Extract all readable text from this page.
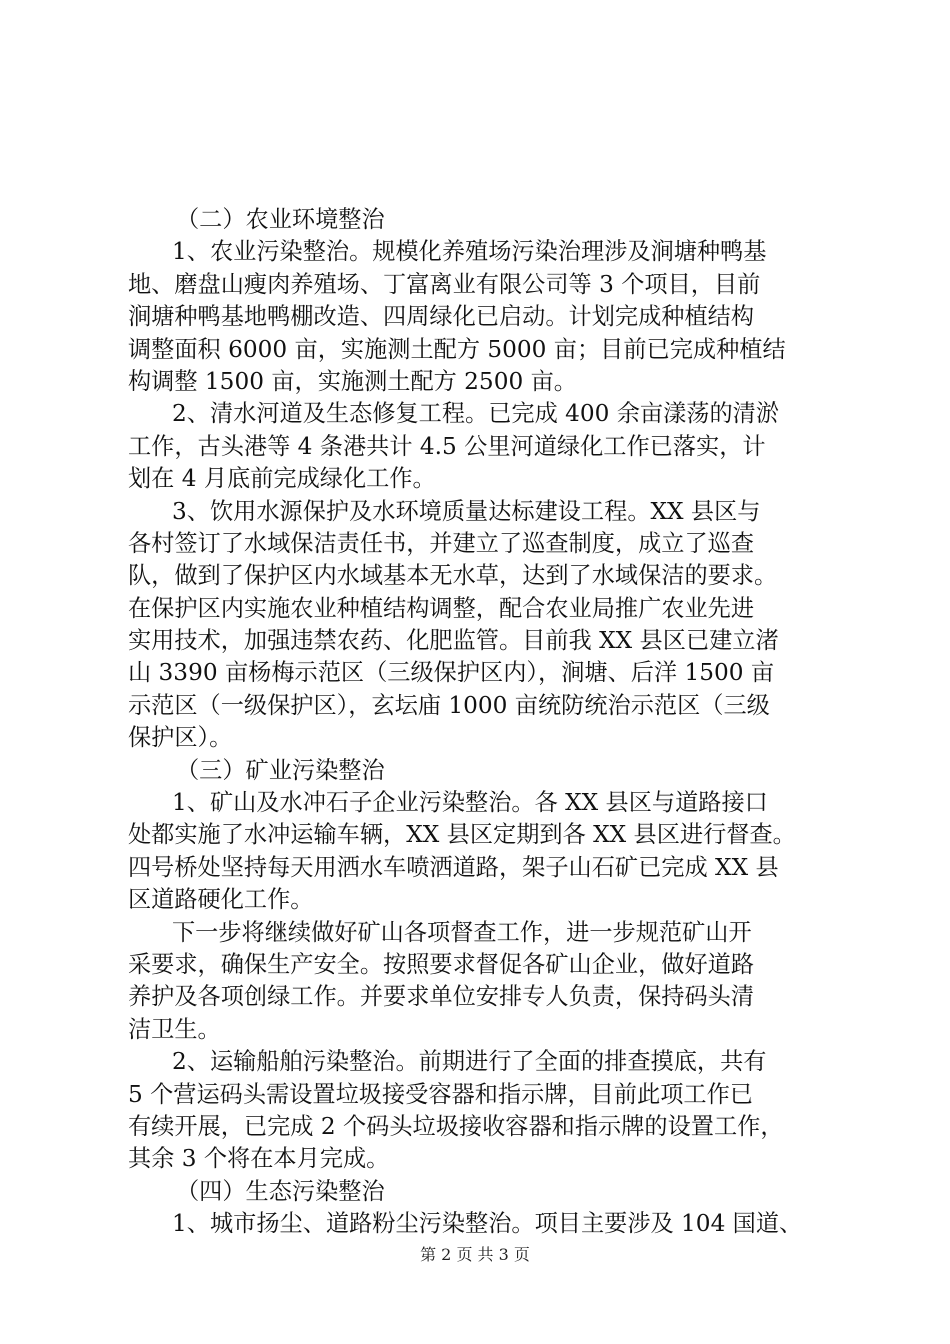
（二）农业环境整治
1、农业污染整治。规模化养殖场污染治理涉及涧塘种鸭基
地、磨盘山瘦肉养殖场、丁富离业有限公司等 3 个项目，目前
涧塘种鸭基地鸭棚改造、四周绿化已启动。计划完成种植结构
调整面积 6000 亩，实施测土配方 5000 亩；目前已完成种植结
构调整 1500 亩，实施测土配方 2500 亩。
2、清水河道及生态修复工程。已完成 400 余亩漾荡的清淤
工作，古头港等 4 条港共计 4.5 公里河道绿化工作已落实，计
划在 4 月底前完成绿化工作。
3、饮用水源保护及水环境质量达标建设工程。XX 县区与
各村签订了水域保洁责任书，并建立了巡查制度，成立了巡查
队，做到了保护区内水域基本无水草，达到了水域保洁的要求。
在保护区内实施农业种植结构调整，配合农业局推广农业先进
实用技术，加强违禁农药、化肥监管。目前我 XX 县区已建立渚
山 3390 亩杨梅示范区（三级保护区内），涧塘、后洋 1500 亩
示范区（一级保护区），玄坛庙 1000 亩统防统治示范区（三级
保护区）。
（三）矿业污染整治
1、矿山及水冲石子企业污染整治。各 XX 县区与道路接口
处都实施了水冲运输车辆，XX 县区定期到各 XX 县区进行督查。
四号桥处坚持每天用洒水车喷洒道路，架子山石矿已完成 XX 县
区道路硬化工作。
下一步将继续做好矿山各项督查工作，进一步规范矿山开
采要求，确保生产安全。按照要求督促各矿山企业，做好道路
养护及各项创绿工作。并要求单位安排专人负责，保持码头清
洁卫生。
2、运输船舶污染整治。前期进行了全面的排查摸底，共有
5 个营运码头需设置垃圾接受容器和指示牌，目前此项工作已
有续开展，已完成 2 个码头垃圾接收容器和指示牌的设置工作，
其余 3 个将在本月完成。
（四）生态污染整治
1、城市扬尘、道路粉尘污染整治。项目主要涉及 104 国道、
第 2 页 共 3 页
